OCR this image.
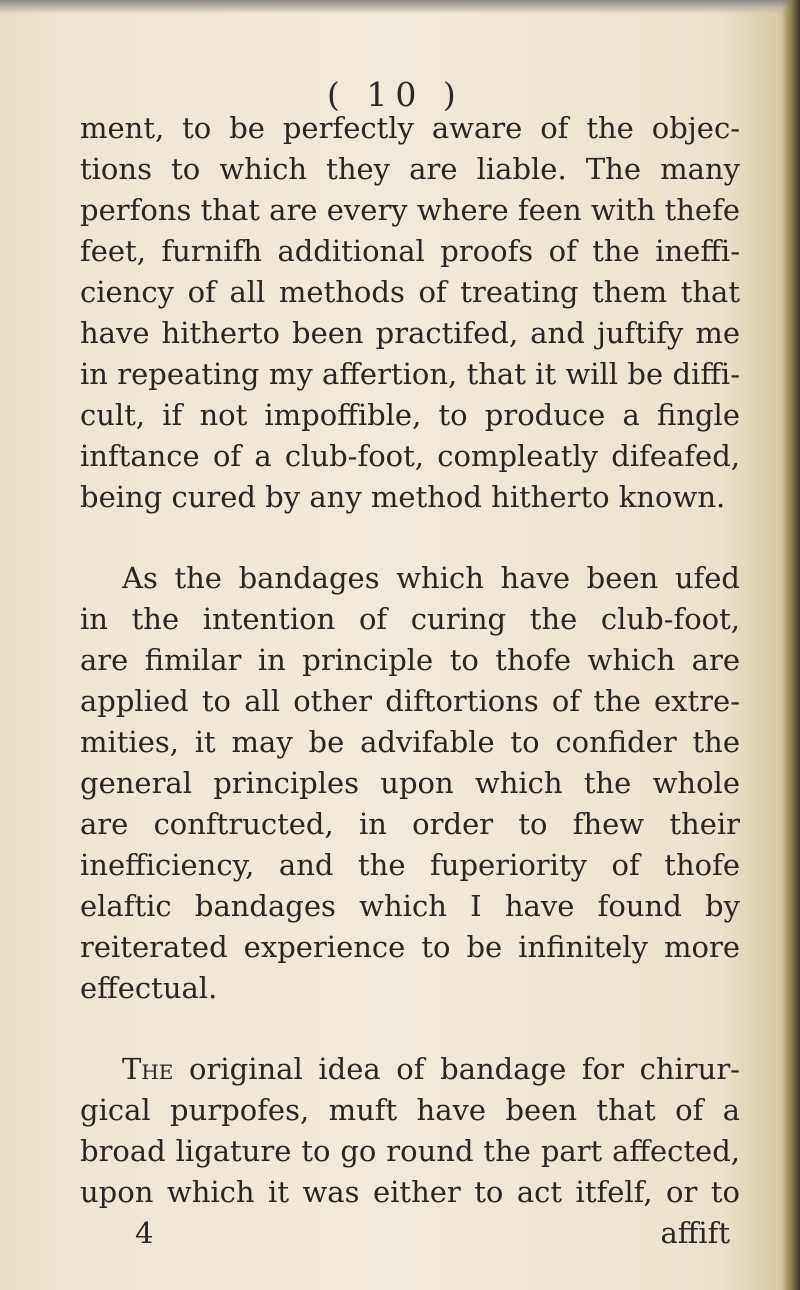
( 10 )

ment, to be perfectly aware of the objec-
tions to which they are liable. The many
perfons that are every where feen with thefe
feet, furnifh additional proofs of the ineffi-
ciency of all methods of treating them that
have hitherto been practifed, and juftify me
in repeating my affertion, that it will be diffi-
cult, if not impoffible, to produce a fingle
inftance of a club-foot, compleatly difeafed,
being cured by any method hitherto known.
As the bandages which have been ufed
in the intention of curing the club-foot,
are fimilar in principle to thofe which are
applied to all other diftortions of the extre-
mities, it may be advifable to confider the
general principles upon which the whole
are conftructed, in order to fhew their
inefficiency, and the fuperiority of thofe
elaftic bandages which I have found by
reiterated experience to be infinitely more
effectual.
The original idea of bandage for chirur-
gical purpofes, muft have been that of a
broad ligature to go round the part affected,
upon which it was either to act itfelf, or to
4	affift
